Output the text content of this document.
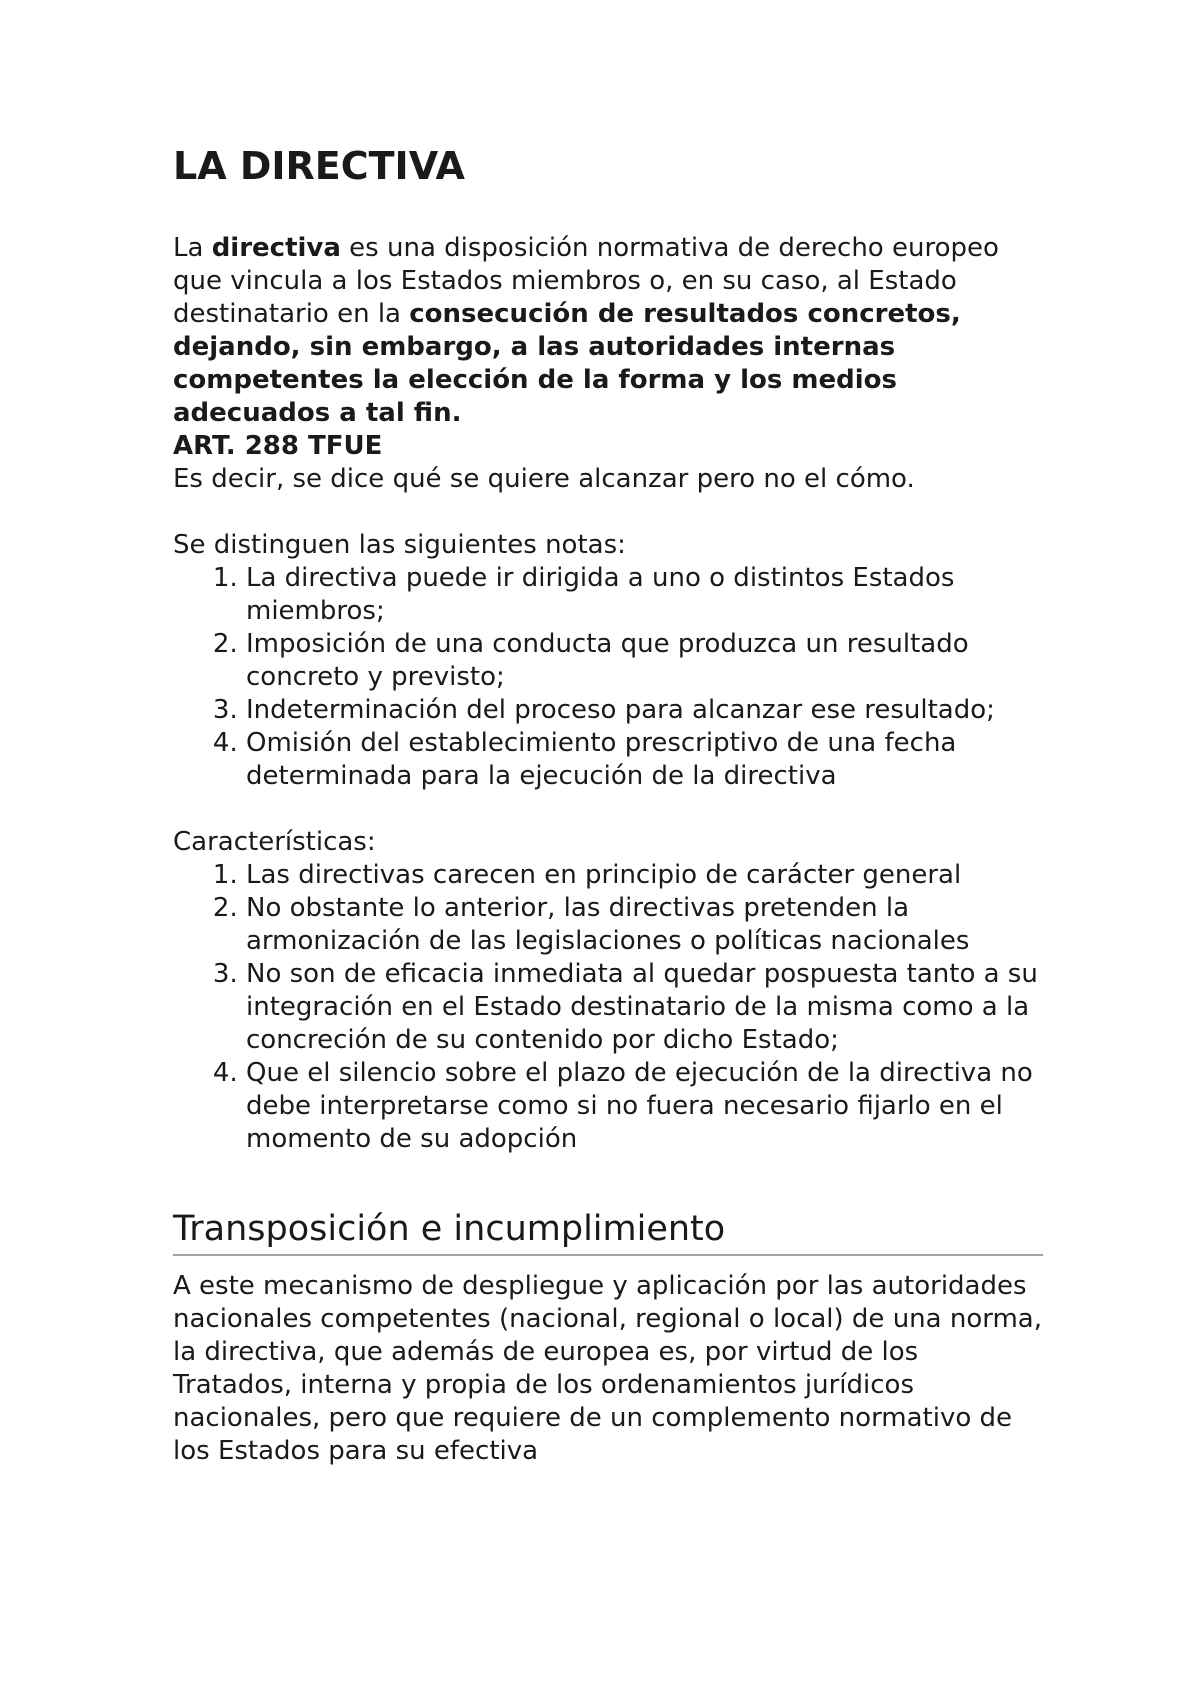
LA DIRECTIVA

La directiva es una disposición normativa de derecho europeo que vincula a los Estados miembros o, en su caso, al Estado destinatario en la consecución de resultados concretos, dejando, sin embargo, a las autoridades internas competentes la elección de la forma y los medios adecuados a tal fin.

ART. 288 TFUE

Es decir, se dice qué se quiere alcanzar pero no el cómo.

Se distinguen las siguientes notas:

1. La directiva puede ir dirigida a uno o distintos Estados miembros;
2. Imposición de una conducta que produzca un resultado concreto y previsto;
3. Indeterminación del proceso para alcanzar ese resultado;
4. Omisión del establecimiento prescriptivo de una fecha determinada para la ejecución de la directiva

Características:

1. Las directivas carecen en principio de carácter general
2. No obstante lo anterior, las directivas pretenden la armonización de las legislaciones o políticas nacionales
3. No son de eficacia inmediata al quedar pospuesta tanto a su integración en el Estado destinatario de la misma como a la concreción de su contenido por dicho Estado;
4. Que el silencio sobre el plazo de ejecución de la directiva no debe interpretarse como si no fuera necesario fijarlo en el momento de su adopción
Transposición e incumplimiento

A este mecanismo de despliegue y aplicación por las autoridades nacionales competentes (nacional, regional o local) de una norma, la directiva, que además de europea es, por virtud de los Tratados, interna y propia de los ordenamientos jurídicos nacionales, pero que requiere de un complemento normativo de los Estados para su efectiva
